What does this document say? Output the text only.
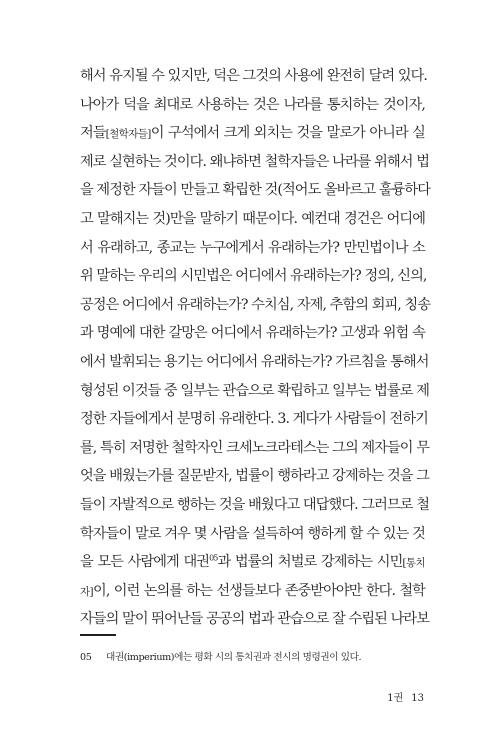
해서 유지될 수 있지만, 덕은 그것의 사용에 완전히 달려 있다.
나아가 덕을 최대로 사용하는 것은 나라를 통치하는 것이자,
저들[철학자들]이 구석에서 크게 외치는 것을 말로가 아니라 실
제로 실현하는 것이다. 왜냐하면 철학자들은 나라를 위해서 법
을 제정한 자들이 만들고 확립한 것(적어도 올바르고 훌륭하다
고 말해지는 것)만을 말하기 때문이다. 예컨대 경건은 어디에
서 유래하고, 종교는 누구에게서 유래하는가? 만민법이나 소
위 말하는 우리의 시민법은 어디에서 유래하는가? 정의, 신의,
공정은 어디에서 유래하는가? 수치심, 자제, 추함의 회피, 칭송
과 명예에 대한 갈망은 어디에서 유래하는가? 고생과 위험 속
에서 발휘되는 용기는 어디에서 유래하는가? 가르침을 통해서
형성된 이것들 중 일부는 관습으로 확립하고 일부는 법률로 제
정한 자들에게서 분명히 유래한다. 3. 게다가 사람들이 전하기
를, 특히 저명한 철학자인 크세노크라테스는 그의 제자들이 무
엇을 배웠는가를 질문받자, 법률이 행하라고 강제하는 것을 그
들이 자발적으로 행하는 것을 배웠다고 대답했다. 그러므로 철
학자들이 말로 겨우 몇 사람을 설득하여 행하게 할 수 있는 것
을 모든 사람에게 대권$^{05}$과 법률의 처벌로 강제하는 시민[통치
자]이, 이런 논의를 하는 선생들보다 존중받아야만 한다. 철학
자들의 말이 뛰어난들 공공의 법과 관습으로 잘 수립된 나라보
05 대권(imperium)에는 평화 시의 통치권과 전시의 명령권이 있다.
1권 13
